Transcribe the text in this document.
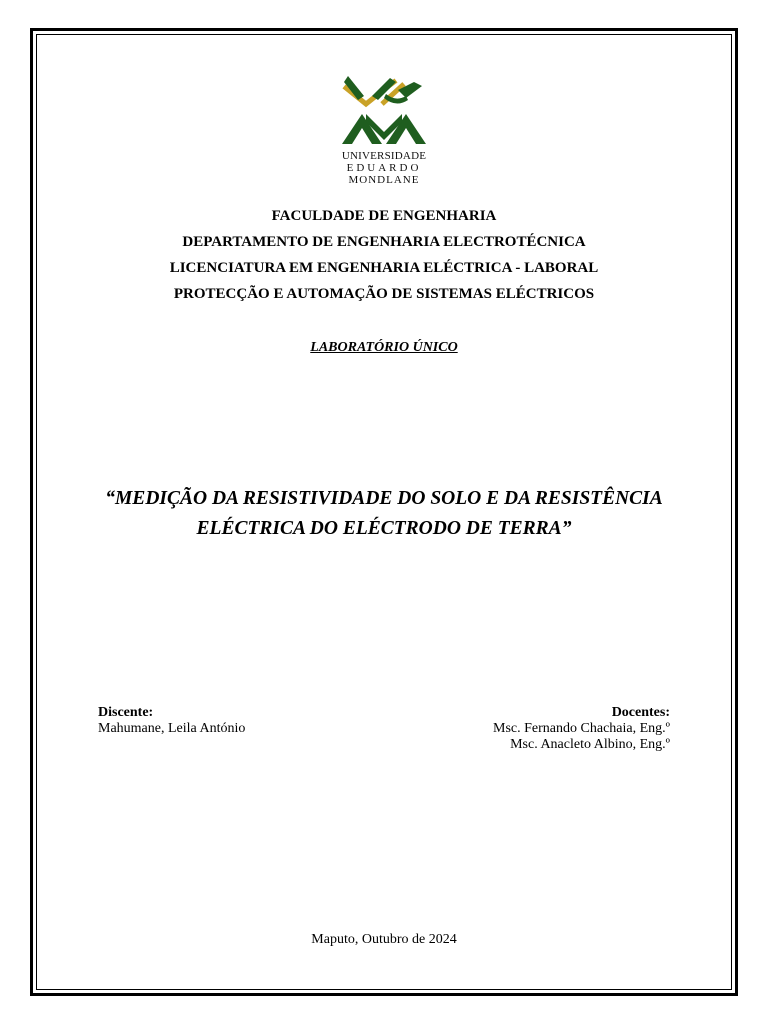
UNIVERSIDADE
EDUARDO
MONDLANE
FACULDADE DE ENGENHARIA
DEPARTAMENTO DE ENGENHARIA ELECTROTÉCNICA
LICENCIATURA EM ENGENHARIA ELÉCTRICA - LABORAL
PROTECÇÃO E AUTOMAÇÃO DE SISTEMAS ELÉCTRICOS
LABORATÓRIO ÚNICO
“MEDIÇÃO DA RESISTIVIDADE DO SOLO E DA RESISTÊNCIA
ELÉCTRICA DO ELÉCTRODO DE TERRA”
Discente:
Mahumane, Leila António
Docentes:
Msc. Fernando Chachaia, Eng.º
Msc. Anacleto Albino, Eng.º
Maputo, Outubro de 2024
